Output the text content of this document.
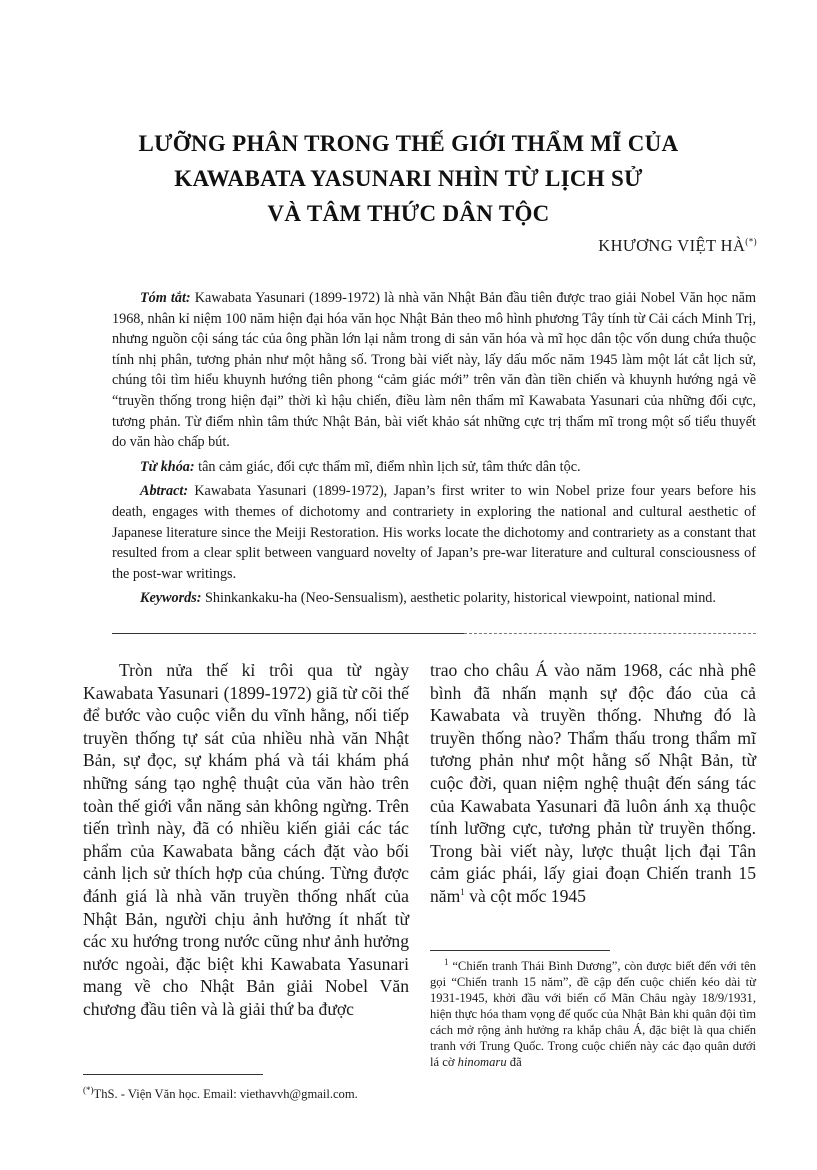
LƯỠNG PHÂN TRONG THẾ GIỚI THẨM MĨ CỦA
KAWABATA YASUNARI NHÌN TỪ LỊCH SỬ
VÀ TÂM THỨC DÂN TỘC
KHƯƠNG VIỆT HÀ(*)

Tóm tắt: Kawabata Yasunari (1899-1972) là nhà văn Nhật Bản đầu tiên được trao giải Nobel Văn học năm 1968, nhân kỉ niệm 100 năm hiện đại hóa văn học Nhật Bản theo mô hình phương Tây tính từ Cải cách Minh Trị, nhưng nguồn cội sáng tác của ông phần lớn lại nằm trong di sản văn hóa và mĩ học dân tộc vốn dung chứa thuộc tính nhị phân, tương phản như một hằng số. Trong bài viết này, lấy dấu mốc năm 1945 làm một lát cắt lịch sử, chúng tôi tìm hiểu khuynh hướng tiên phong “cảm giác mới” trên văn đàn tiền chiến và khuynh hướng ngả về “truyền thống trong hiện đại” thời kì hậu chiến, điều làm nên thẩm mĩ Kawabata Yasunari của những đối cực, tương phản. Từ điểm nhìn tâm thức Nhật Bản, bài viết khảo sát những cực trị thẩm mĩ trong một số tiểu thuyết do văn hào chấp bút.

Từ khóa: tân cảm giác, đối cực thẩm mĩ, điểm nhìn lịch sử, tâm thức dân tộc.

Abtract: Kawabata Yasunari (1899-1972), Japan’s first writer to win Nobel prize four years before his death, engages with themes of dichotomy and contrariety in exploring the national and cultural aesthetic of Japanese literature since the Meiji Restoration. His works locate the dichotomy and contrariety as a constant that resulted from a clear split between vanguard novelty of Japan’s pre-war literature and cultural consciousness of the post-war writings.

Keywords: Shinkankaku-ha (Neo-Sensualism), aesthetic polarity, historical viewpoint, national mind.

Tròn nửa thế kỉ trôi qua từ ngày Kawabata Yasunari (1899-1972) giã từ cõi thế để bước vào cuộc viễn du vĩnh hằng, nối tiếp truyền thống tự sát của nhiều nhà văn Nhật Bản, sự đọc, sự khám phá và tái khám phá những sáng tạo nghệ thuật của văn hào trên toàn thế giới vẫn năng sản không ngừng. Trên tiến trình này, đã có nhiều kiến giải các tác phẩm của Kawabata bằng cách đặt vào bối cảnh lịch sử thích hợp của chúng. Từng được đánh giá là nhà văn truyền thống nhất của Nhật Bản, người chịu ảnh hưởng ít nhất từ các xu hướng trong nước cũng như ảnh hưởng nước ngoài, đặc biệt khi Kawabata Yasunari mang về cho Nhật Bản giải Nobel Văn chương đầu tiên và là giải thứ ba được

trao cho châu Á vào năm 1968, các nhà phê bình đã nhấn mạnh sự độc đáo của cả Kawabata và truyền thống. Nhưng đó là truyền thống nào? Thẩm thấu trong thẩm mĩ tương phản như một hằng số Nhật Bản, từ cuộc đời, quan niệm nghệ thuật đến sáng tác của Kawabata Yasunari đã luôn ánh xạ thuộc tính lưỡng cực, tương phản từ truyền thống. Trong bài viết này, lược thuật lịch đại Tân cảm giác phái, lấy giai đoạn Chiến tranh 15 năm$^1$ và cột mốc 1945

$^1$ “Chiến tranh Thái Bình Dương”, còn được biết đến với tên gọi “Chiến tranh 15 năm”, đề cập đến cuộc chiến kéo dài từ 1931-1945, khởi đầu với biến cố Mãn Châu ngày 18/9/1931, hiện thực hóa tham vọng đế quốc của Nhật Bản khi quân đội tìm cách mở rộng ảnh hưởng ra khắp châu Á, đặc biệt là qua chiến tranh với Trung Quốc. Trong cuộc chiến này các đạo quân dưới lá cờ hinomaru đã

(*)ThS. - Viện Văn học. Email: viethavvh@gmail.com.
